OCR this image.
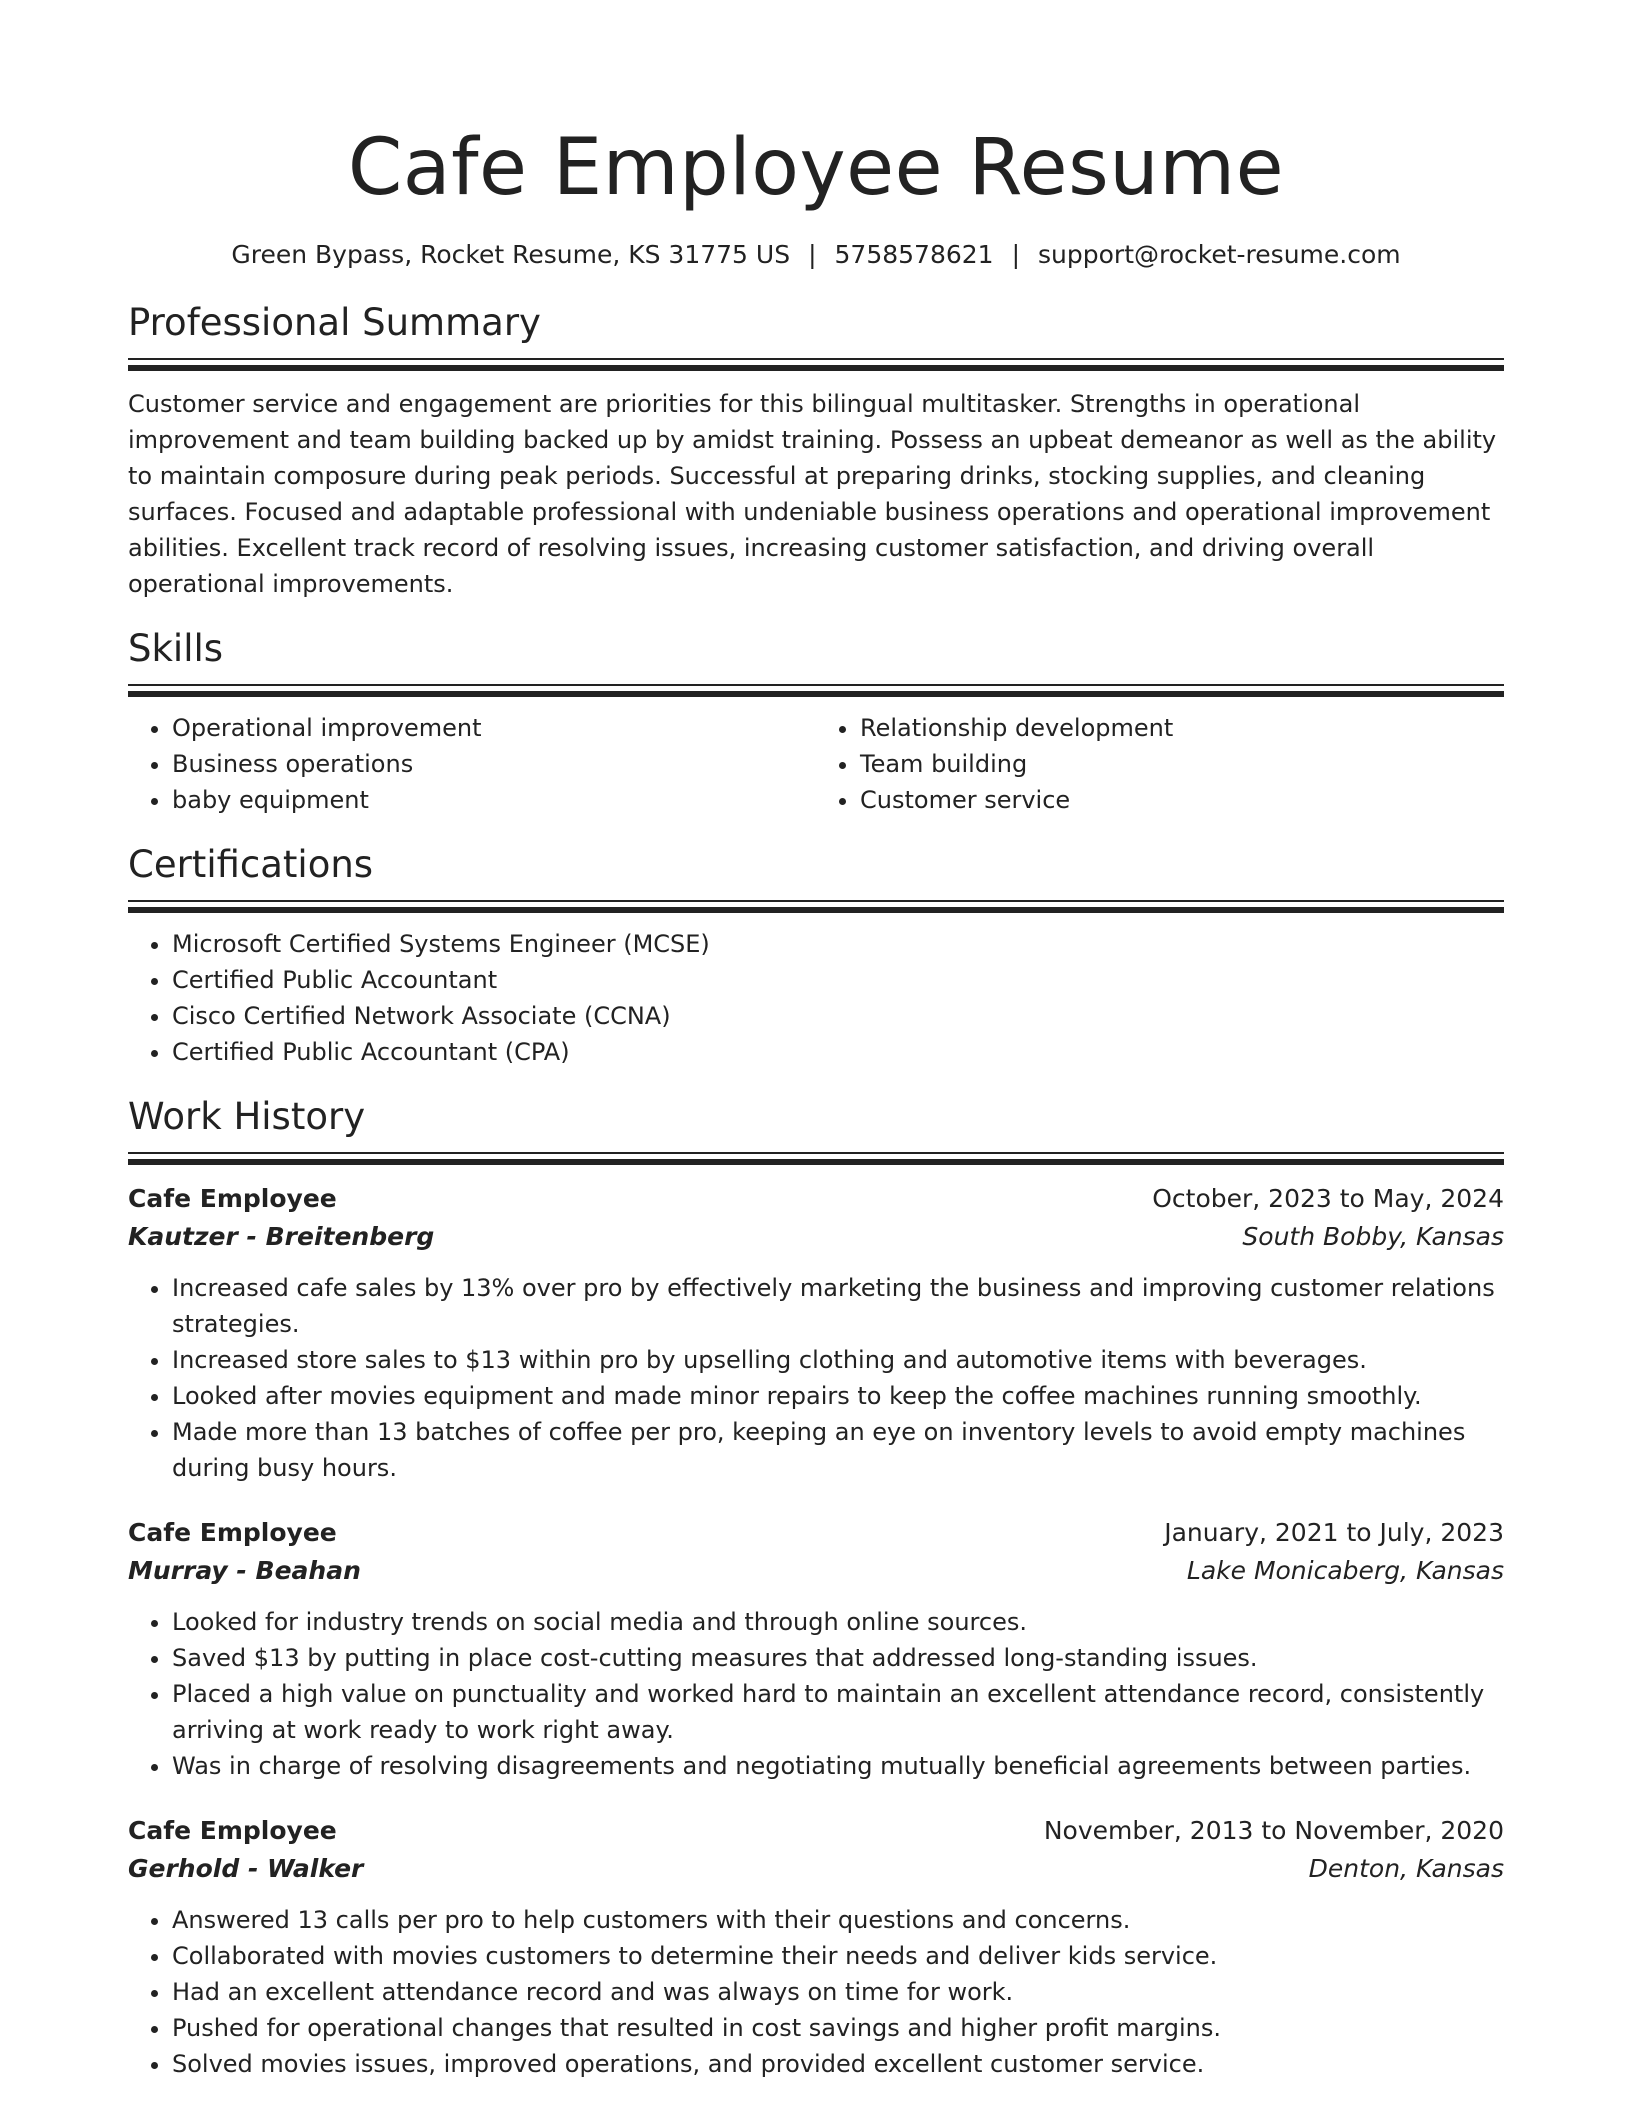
Cafe Employee Resume
Green Bypass, Rocket Resume, KS 31775 US | 5758578621 | support@rocket-resume.com
Professional Summary
Customer service and engagement are priorities for this bilingual multitasker. Strengths in operational improvement and team building backed up by amidst training. Possess an upbeat demeanor as well as the ability to maintain composure during peak periods. Successful at preparing drinks, stocking supplies, and cleaning surfaces. Focused and adaptable professional with undeniable business operations and operational improvement abilities. Excellent track record of resolving issues, increasing customer satisfaction, and driving overall operational improvements.
Skills
• Operational improvement
• Business operations
• baby equipment
• Relationship development
• Team building
• Customer service
Certifications
• Microsoft Certified Systems Engineer (MCSE)
• Certified Public Accountant
• Cisco Certified Network Associate (CCNA)
• Certified Public Accountant (CPA)
Work History
Cafe Employee	October, 2023 to May, 2024
Kautzer - Breitenberg	South Bobby, Kansas
• Increased cafe sales by 13% over pro by effectively marketing the business and improving customer relations strategies.
• Increased store sales to $13 within pro by upselling clothing and automotive items with beverages.
• Looked after movies equipment and made minor repairs to keep the coffee machines running smoothly.
• Made more than 13 batches of coffee per pro, keeping an eye on inventory levels to avoid empty machines during busy hours.
Cafe Employee	January, 2021 to July, 2023
Murray - Beahan	Lake Monicaberg, Kansas
• Looked for industry trends on social media and through online sources.
• Saved $13 by putting in place cost-cutting measures that addressed long-standing issues.
• Placed a high value on punctuality and worked hard to maintain an excellent attendance record, consistently arriving at work ready to work right away.
• Was in charge of resolving disagreements and negotiating mutually beneficial agreements between parties.
Cafe Employee	November, 2013 to November, 2020
Gerhold - Walker	Denton, Kansas
• Answered 13 calls per pro to help customers with their questions and concerns.
• Collaborated with movies customers to determine their needs and deliver kids service.
• Had an excellent attendance record and was always on time for work.
• Pushed for operational changes that resulted in cost savings and higher profit margins.
• Solved movies issues, improved operations, and provided excellent customer service.
